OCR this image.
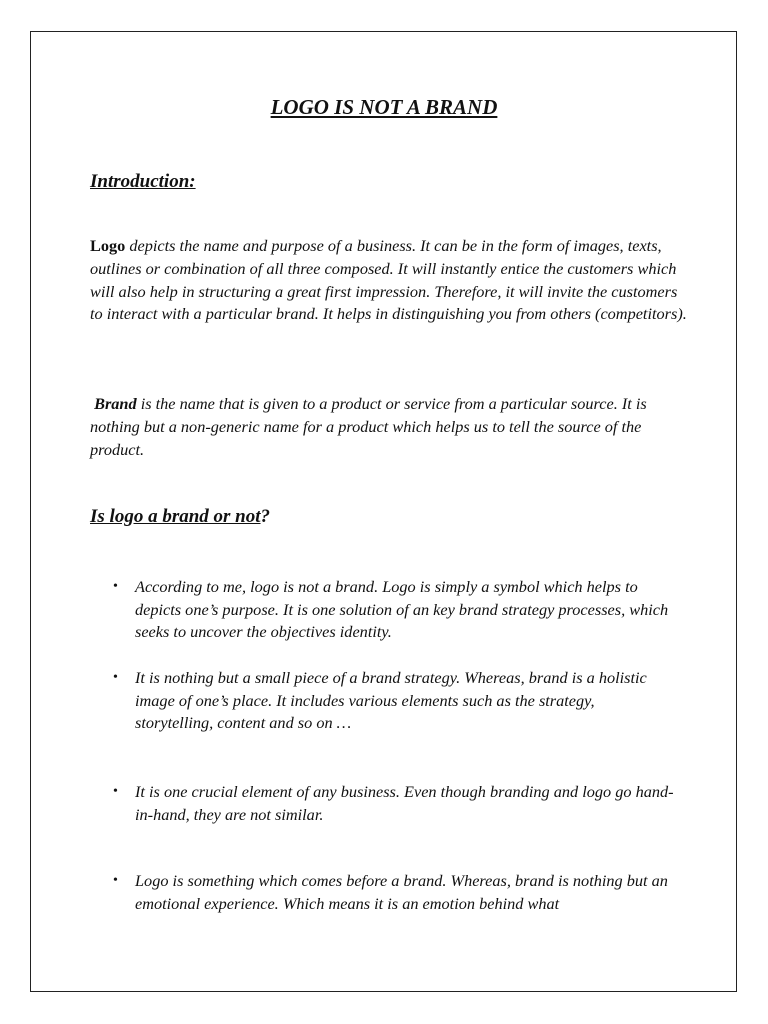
LOGO IS NOT A BRAND
Introduction:

Logo depicts the name and purpose of a business. It can be in the form of images, texts, outlines or combination of all three composed. It will instantly entice the customers which will also help in structuring a great first impression. Therefore, it will invite the customers to interact with a particular brand. It helps in distinguishing you from others (competitors).

Brand is the name that is given to a product or service from a particular source. It is nothing but a non-generic name for a product which helps us to tell the source of the product.

Is logo a brand or not?
• According to me, logo is not a brand. Logo is simply a symbol which helps to depicts one’s purpose. It is one solution of an key brand strategy processes, which seeks to uncover the objectives identity.
• It is nothing but a small piece of a brand strategy. Whereas, brand is a holistic image of one’s place. It includes various elements such as the strategy, storytelling, content and so on …
• It is one crucial element of any business. Even though branding and logo go hand-in-hand, they are not similar.
• Logo is something which comes before a brand. Whereas, brand is nothing but an emotional experience. Which means it is an emotion behind what
